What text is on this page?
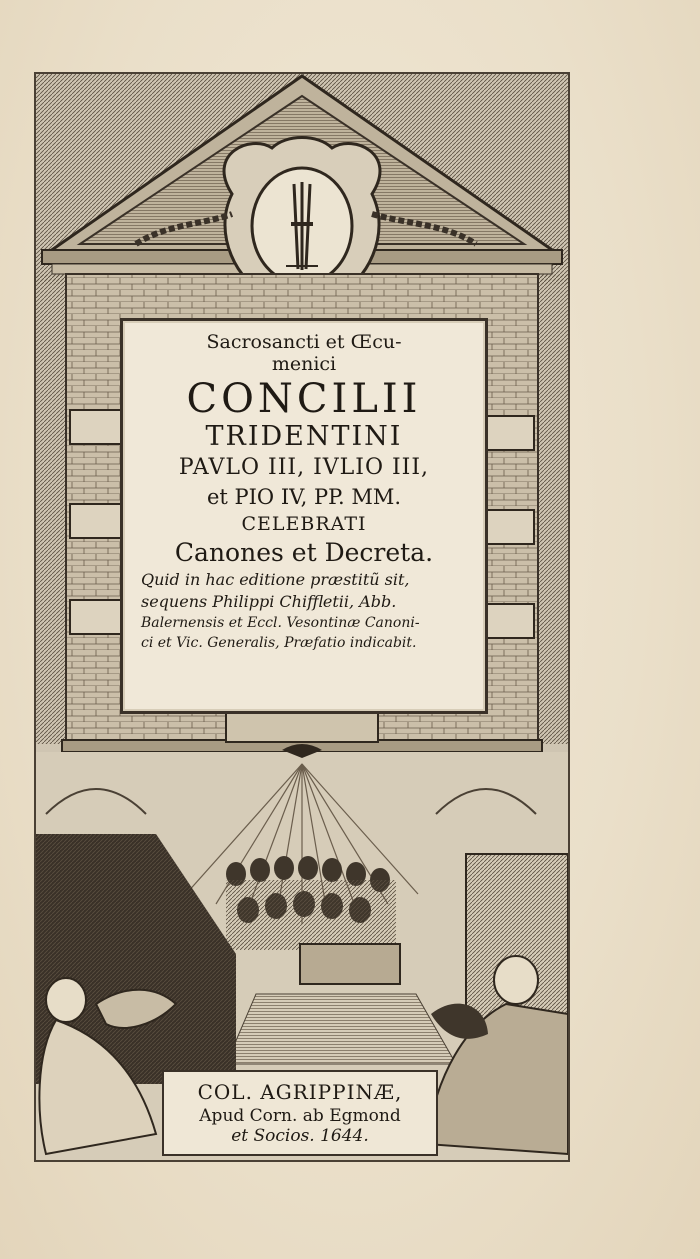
Sacrosancti et Œcu-
menici
CONCILII
TRIDENTINI
PAVLO III, IVLIO III,
et PIO IV, PP. MM.
CELEBRATI
Canones et Decreta.
Quid in hac editione præstitũ sit,
sequens Philippi Chiffletii, Abb.
Balernensis et Eccl. Vesontinæ Canoni-
ci et Vic. Generalis, Præfatio indicabit.
COL. AGRIPPINÆ,
Apud Corn. ab Egmond
et Socios. 1644.
